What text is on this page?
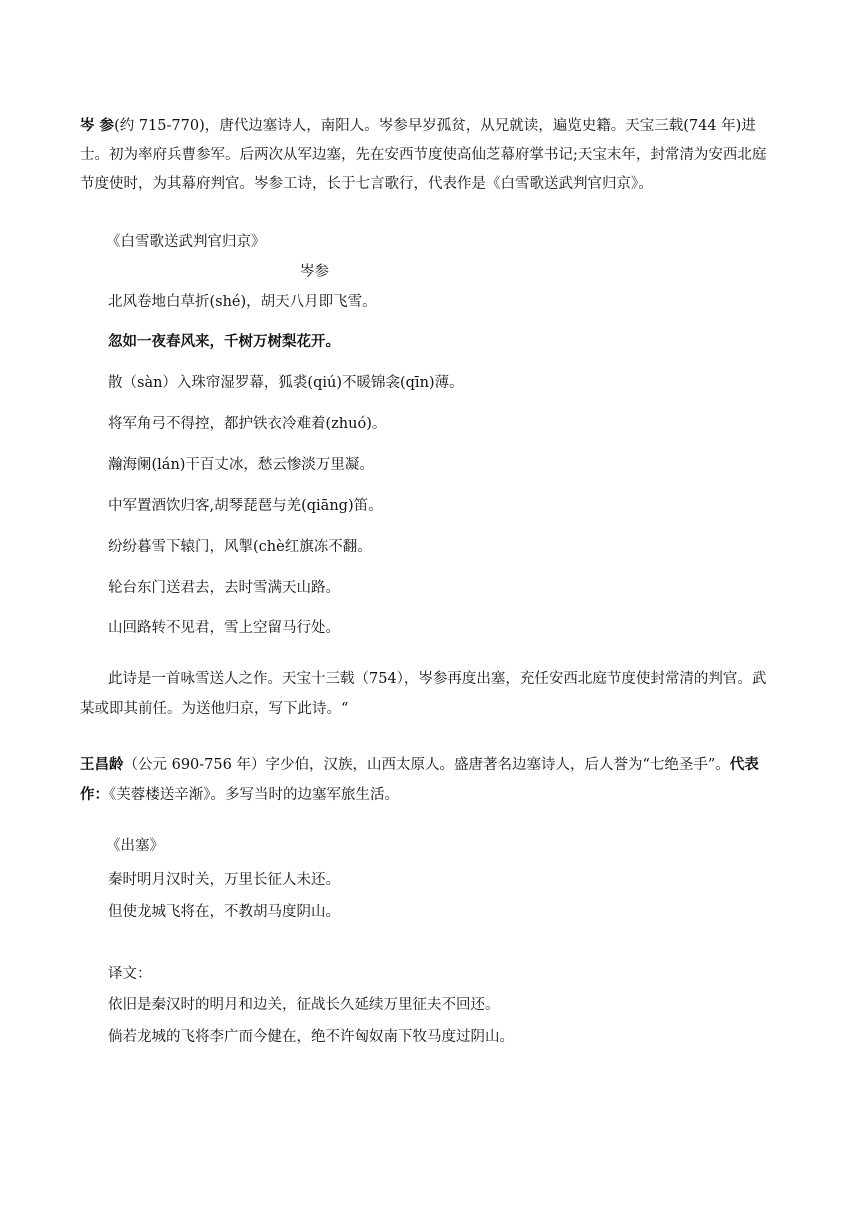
岑 参(约 715-770)，唐代边塞诗人，南阳人。岑参早岁孤贫，从兄就读，遍览史籍。天宝三载(744 年)进士。初为率府兵曹参军。后两次从军边塞，先在安西节度使高仙芝幕府掌书记;天宝末年，封常清为安西北庭节度使时，为其幕府判官。岑参工诗，长于七言歌行，代表作是《白雪歌送武判官归京》。
《白雪歌送武判官归京》
岑参
北风卷地白草折(shé)，胡天八月即飞雪。
忽如一夜春风来，千树万树梨花开。
散（sàn）入珠帘湿罗幕，狐裘(qiú)不暖锦衾(qīn)薄。
将军角弓不得控，都护铁衣冷难着(zhuó)。
瀚海阑(lán)干百丈冰，愁云惨淡万里凝。
中军置酒饮归客,胡琴琵琶与羌(qiāng)笛。
纷纷暮雪下辕门，风掣(chè红旗冻不翻。
轮台东门送君去，去时雪满天山路。
山回路转不见君，雪上空留马行处。
此诗是一首咏雪送人之作。天宝十三载（754），岑参再度出塞，充任安西北庭节度使封常清的判官。武某或即其前任。为送他归京，写下此诗。“
王昌龄（公元 690-756 年）字少伯，汉族，山西太原人。盛唐著名边塞诗人，后人誉为“七绝圣手”。代表作：《芙蓉楼送辛渐》。多写当时的边塞军旅生活。
《出塞》
秦时明月汉时关，万里长征人未还。
但使龙城飞将在，不教胡马度阴山。
译文：
依旧是秦汉时的明月和边关，征战长久延续万里征夫不回还。
倘若龙城的飞将李广而今健在，绝不许匈奴南下牧马度过阴山。
